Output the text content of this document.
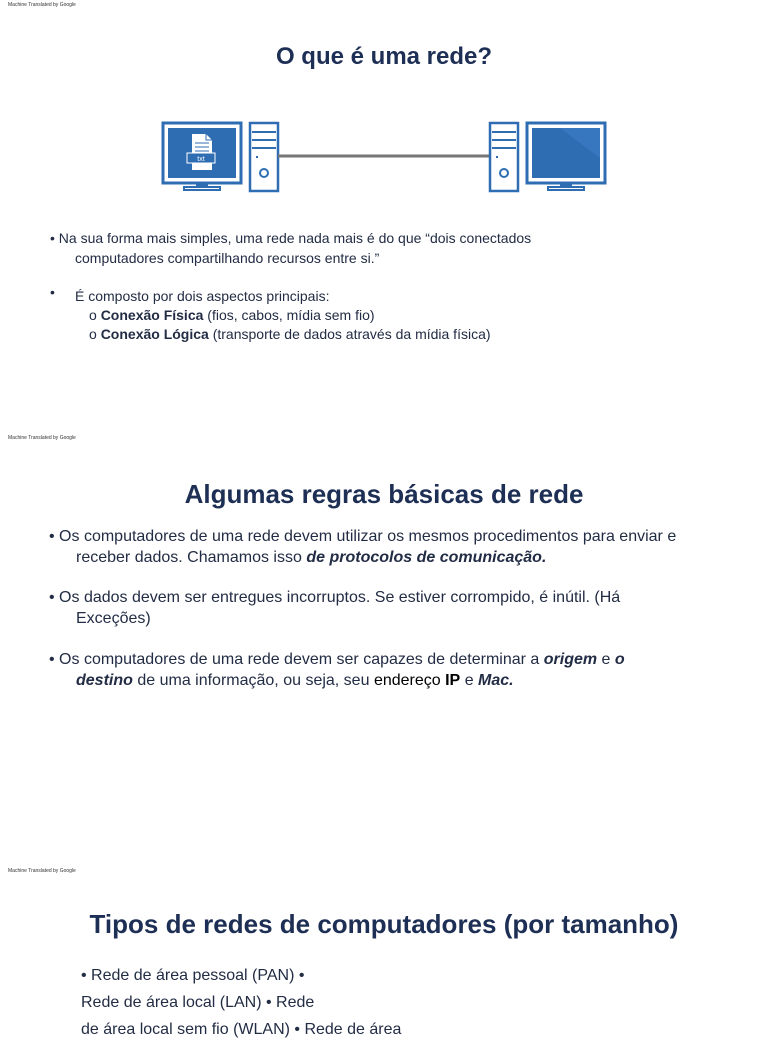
Machine Translated by Google
O que é uma rede?
txt

• Na sua forma mais simples, uma rede nada mais é do que “dois conectados
computadores compartilhando recursos entre si.”

• É composto por dois aspectos principais:

o Conexão Física (fios, cabos, mídia sem fio)

o Conexão Lógica (transporte de dados através da mídia física)

Machine Translated by Google
Algumas regras básicas de rede

• Os computadores de uma rede devem utilizar os mesmos procedimentos para enviar e
receber dados. Chamamos isso de protocolos de comunicação.

• Os dados devem ser entregues incorruptos. Se estiver corrompido, é inútil. (Há
Exceções)

• Os computadores de uma rede devem ser capazes de determinar a origem e o
destino de uma informação, ou seja, seu endereço IP e Mac.

Machine Translated by Google
Tipos de redes de computadores (por tamanho)

• Rede de área pessoal (PAN) •
Rede de área local (LAN) • Rede
de área local sem fio (WLAN) • Rede de área
